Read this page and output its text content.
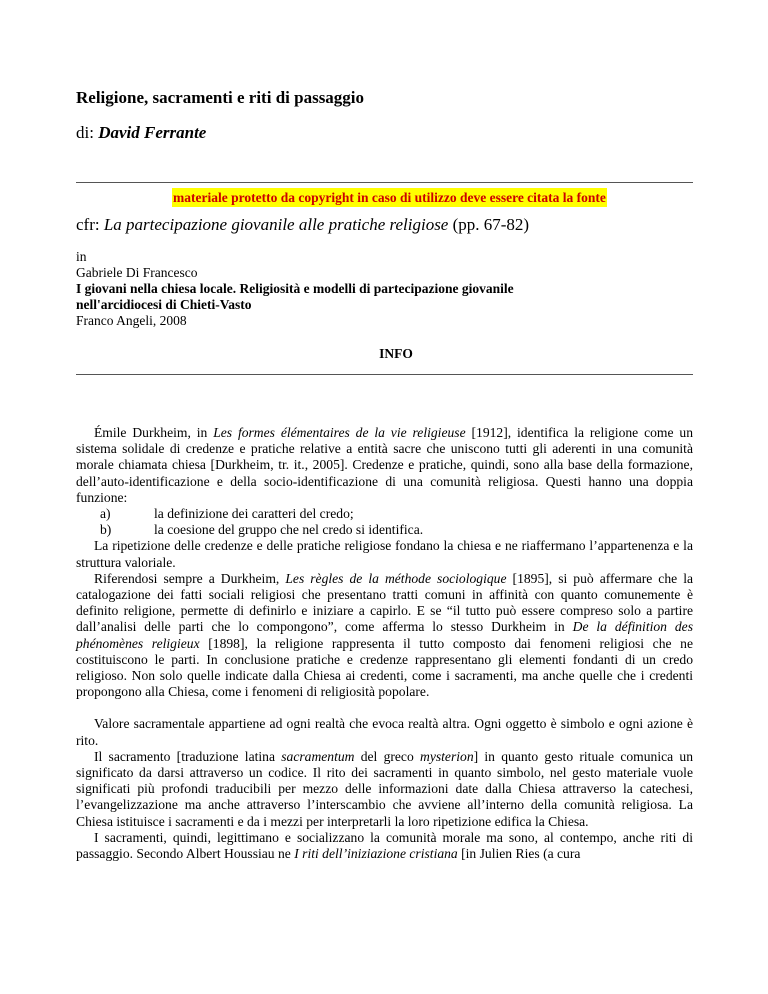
Religione, sacramenti e riti di passaggio
di: David Ferrante
materiale protetto da copyright in caso di utilizzo deve essere citata la fonte
cfr: La partecipazione giovanile alle pratiche religiose (pp. 67-82)
in
Gabriele Di Francesco
I giovani nella chiesa locale. Religiosità e modelli di partecipazione giovanile
nell'arcidiocesi di Chieti-Vasto
Franco Angeli, 2008
INFO

Émile Durkheim, in Les formes élémentaires de la vie religieuse [1912], identifica la religione come un sistema solidale di credenze e pratiche relative a entità sacre che uniscono tutti gli aderenti in una comunità morale chiamata chiesa [Durkheim, tr. it., 2005]. Credenze e pratiche, quindi, sono alla base della formazione, dell’auto-identificazione e della socio-identificazione di una comunità religiosa. Questi hanno una doppia funzione:

a)	la definizione dei caratteri del credo;
b)	la coesione del gruppo che nel credo si identifica.

La ripetizione delle credenze e delle pratiche religiose fondano la chiesa e ne riaffermano l’appartenenza e la struttura valoriale.

Riferendosi sempre a Durkheim, Les règles de la méthode sociologique [1895], si può affermare che la catalogazione dei fatti sociali religiosi che presentano tratti comuni in affinità con quanto comunemente è definito religione, permette di definirlo e iniziare a capirlo. E se “il tutto può essere compreso solo a partire dall’analisi delle parti che lo compongono”, come afferma lo stesso Durkheim in De la définition des phénomènes religieux [1898], la religione rappresenta il tutto composto dai fenomeni religiosi che ne costituiscono le parti. In conclusione pratiche e credenze rappresentano gli elementi fondanti di un credo religioso. Non solo quelle indicate dalla Chiesa ai credenti, come i sacramenti, ma anche quelle che i credenti propongono alla Chiesa, come i fenomeni di religiosità popolare.

Valore sacramentale appartiene ad ogni realtà che evoca realtà altra. Ogni oggetto è simbolo e ogni azione è rito.

Il sacramento [traduzione latina sacramentum del greco mysterion] in quanto gesto rituale comunica un significato da darsi attraverso un codice. Il rito dei sacramenti in quanto simbolo, nel gesto materiale vuole significati più profondi traducibili per mezzo delle informazioni date dalla Chiesa attraverso la catechesi, l’evangelizzazione ma anche attraverso l’interscambio che avviene all’interno della comunità religiosa. La Chiesa istituisce i sacramenti e da i mezzi per interpretarli la loro ripetizione edifica la Chiesa.

I sacramenti, quindi, legittimano e socializzano la comunità morale ma sono, al contempo, anche riti di passaggio. Secondo Albert Houssiau ne I riti dell’iniziazione cristiana [in Julien Ries (a cura
